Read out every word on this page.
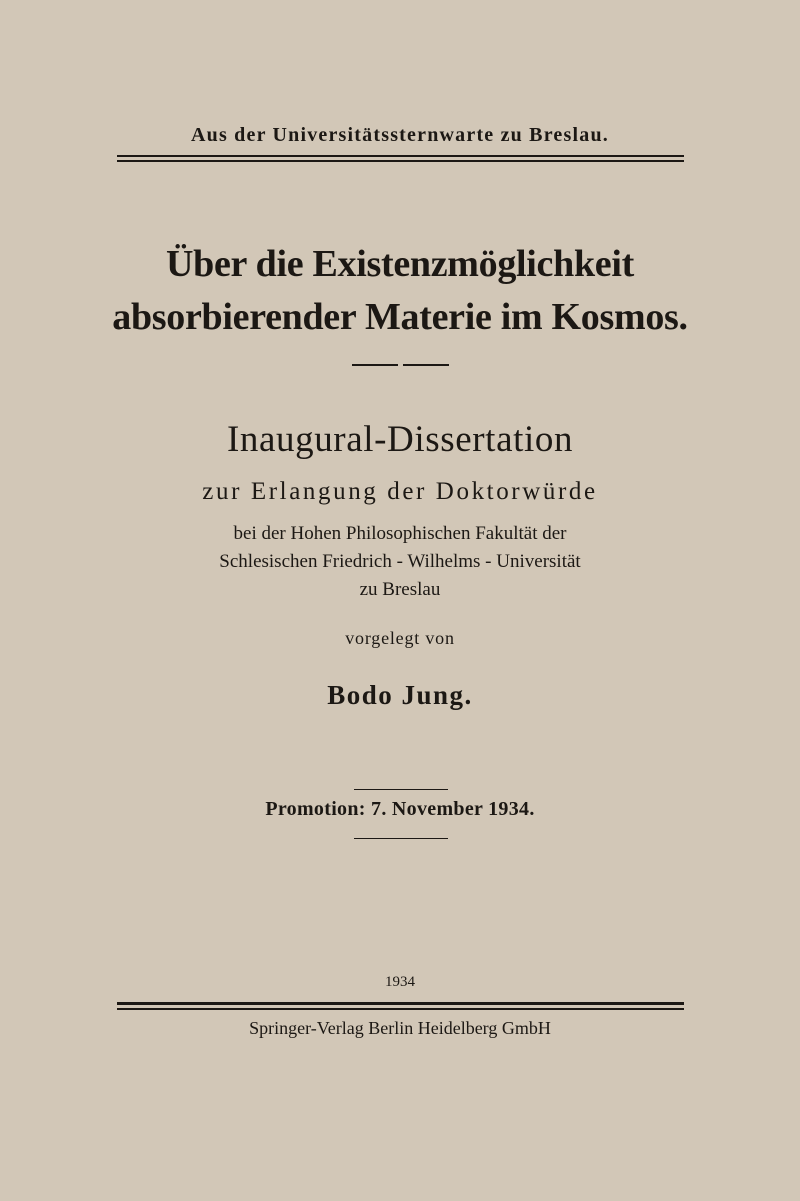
Aus der Universitätssternwarte zu Breslau.

Über die Existenzmöglichkeit
absorbierender Materie im Kosmos.

Inaugural-Dissertation

zur Erlangung der Doktorwürde

bei der Hohen Philosophischen Fakultät der
Schlesischen Friedrich - Wilhelms - Universität
zu Breslau

vorgelegt von

Bodo Jung.

Promotion: 7. November 1934.

1934

Springer-Verlag Berlin Heidelberg GmbH
